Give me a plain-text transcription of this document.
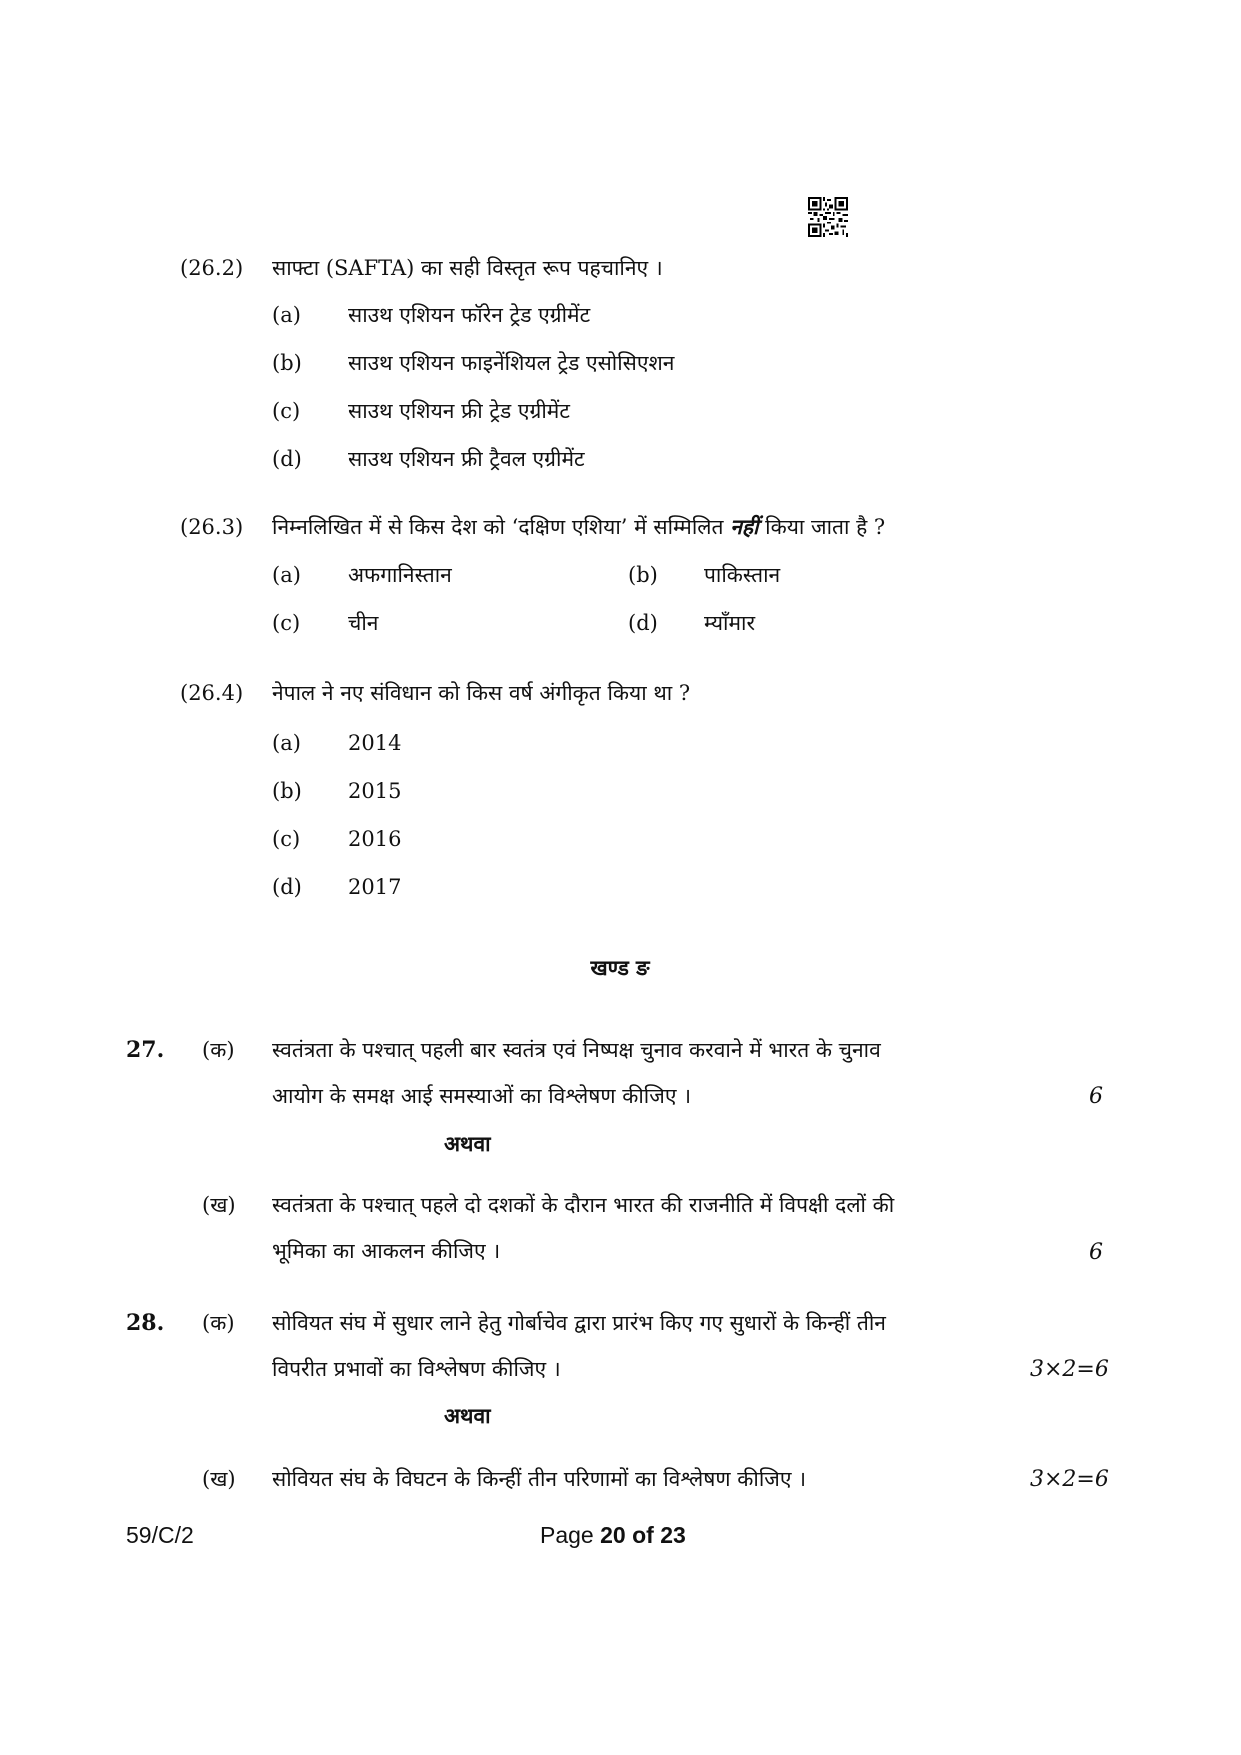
(26.2) साफ्टा (SAFTA) का सही विस्तृत रूप पहचानिए ।
(a) साउथ एशियन फॉरेन ट्रेड एग्रीमेंट
(b) साउथ एशियन फाइनेंशियल ट्रेड एसोसिएशन
(c) साउथ एशियन फ्री ट्रेड एग्रीमेंट
(d) साउथ एशियन फ्री ट्रैवल एग्रीमेंट
(26.3) निम्नलिखित में से किस देश को ‘दक्षिण एशिया’ में सम्मिलित नहीं किया जाता है ?
(a) अफगानिस्तान	(b) पाकिस्तान
(c) चीन	(d) म्याँमार
(26.4) नेपाल ने नए संविधान को किस वर्ष अंगीकृत किया था ?
(a) 2014
(b) 2015
(c) 2016
(d) 2017
खण्ड ङ
27. (क) स्वतंत्रता के पश्चात् पहली बार स्वतंत्र एवं निष्पक्ष चुनाव करवाने में भारत के चुनाव
आयोग के समक्ष आई समस्याओं का विश्लेषण कीजिए ।	6
अथवा
(ख) स्वतंत्रता के पश्चात् पहले दो दशकों के दौरान भारत की राजनीति में विपक्षी दलों की
भूमिका का आकलन कीजिए ।	6
28. (क) सोवियत संघ में सुधार लाने हेतु गोर्बाचेव द्वारा प्रारंभ किए गए सुधारों के किन्हीं तीन
विपरीत प्रभावों का विश्लेषण कीजिए ।	3×2=6
अथवा
(ख) सोवियत संघ के विघटन के किन्हीं तीन परिणामों का विश्लेषण कीजिए ।	3×2=6
59/C/2	Page 20 of 23
